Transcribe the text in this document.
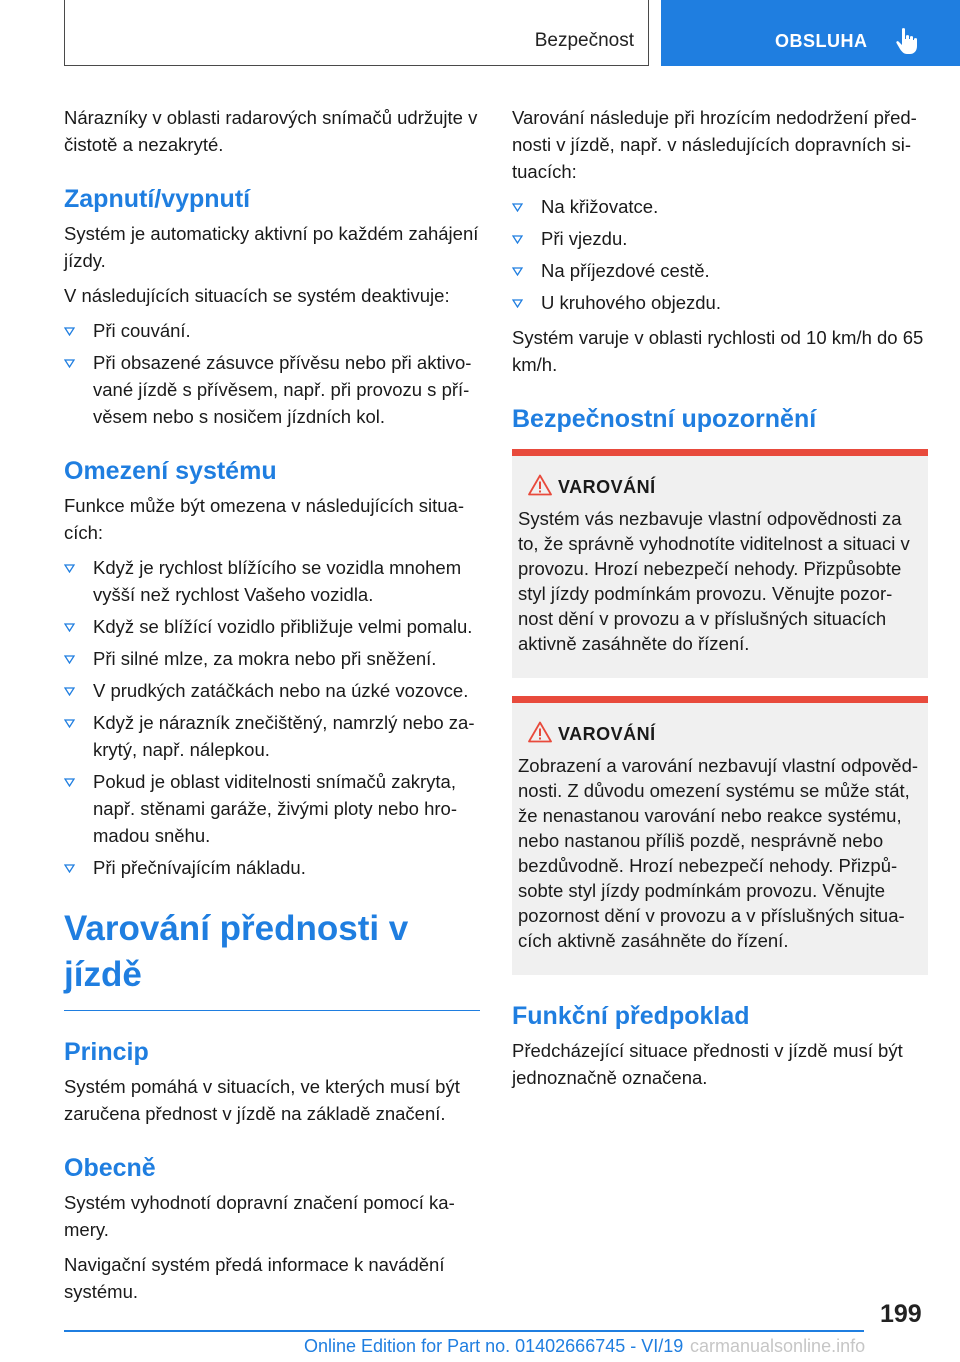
Bezpečnost	OBSLUHA

Nárazníky v oblasti radarových snímačů udržujte v čistotě a nezakryté.

Zapnutí/vypnutí

Systém je automaticky aktivní po každém zahájení jízdy.

V následujících situacích se systém deaktivuje:

Při couvání.
Při obsazené zásuvce přívěsu nebo při aktivované jízdě s přívěsem, např. při provozu s přívěsem nebo s nosičem jízdních kol.
Omezení systému

Funkce může být omezena v následujících situacích:

Když je rychlost blížícího se vozidla mnohem vyšší než rychlost Vašeho vozidla.
Když se blížící vozidlo přibližuje velmi pomalu.
Při silné mlze, za mokra nebo při sněžení.
V prudkých zatáčkách nebo na úzké vozovce.
Když je nárazník znečištěný, namrzlý nebo zakrytý, např. nálepkou.
Pokud je oblast viditelnosti snímačů zakryta, např. stěnami garáže, živými ploty nebo hromadou sněhu.
Při přečnívajícím nákladu.
Varování přednosti v jízdě
Princip

Systém pomáhá v situacích, ve kterých musí být zaručena přednost v jízdě na základě značení.

Obecně

Systém vyhodnotí dopravní značení pomocí kamery.

Navigační systém předá informace k navádění systému.

Varování následuje při hrozícím nedodržení přednosti v jízdě, např. v následujících dopravních situacích:

Na křižovatce.
Při vjezdu.
Na příjezdové cestě.
U kruhového objezdu.

Systém varuje v oblasti rychlosti od 10 km/h do 65 km/h.

Bezpečnostní upozornění
VAROVÁNÍ

Systém vás nezbavuje vlastní odpovědnosti za to, že správně vyhodnotíte viditelnost a situaci v provozu. Hrozí nebezpečí nehody. Přizpůsobte styl jízdy podmínkám provozu. Věnujte pozornost dění v provozu a v příslušných situacích aktivně zasáhněte do řízení.

VAROVÁNÍ

Zobrazení a varování nezbavují vlastní odpovědnosti. Z důvodu omezení systému se může stát, že nenastanou varování nebo reakce systému, nebo nastanou příliš pozdě, nesprávně nebo bezdůvodně. Hrozí nebezpečí nehody. Přizpůsobte styl jízdy podmínkám provozu. Věnujte pozornost dění v provozu a v příslušných situacích aktivně zasáhněte do řízení.

Funkční předpoklad

Předcházející situace přednosti v jízdě musí být jednoznačně označena.

199
Online Edition for Part no. 01402666745 - VI/19 carmanualsonline.info
